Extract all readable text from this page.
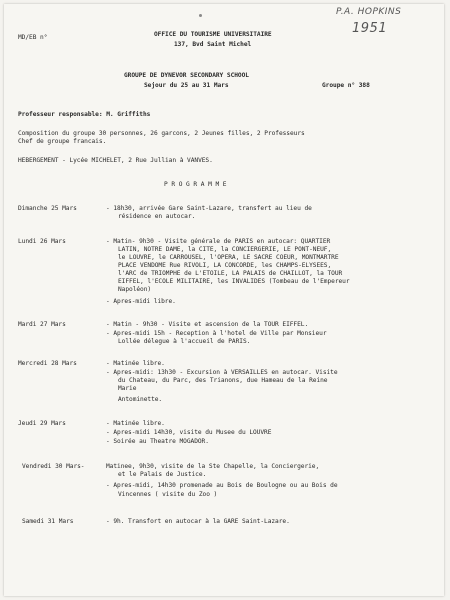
P.A. HOPKINS
1951
MD/EB n°	OFFICE DU TOURISME UNIVERSITAIRE
137, Bvd Saint Michel
GROUPE DE DYNEVOR SECONDARY SCHOOL
Sejour du 25 au 31 Mars	Groupe n° 388
Professeur responsable: M. Griffiths
Composition du groupe 30 personnes, 26 garcons, 2 Jeunes filles, 2 Professeurs
Chef de groupe francais.
HEBERGEMENT - Lycée MICHELET, 2 Rue Jullian à VANVES.
P R O G R A M M E
Dimanche 25 Mars	- 18h30, arrivée Gare Saint-Lazare, transfert au lieu de
résidence en autocar.
Lundi 26 Mars	- Matin- 9h30 - Visite générale de PARIS en autocar: QUARTIER
LATIN, NOTRE DAME, la CITE, la CONCIERGERIE, LE PONT-NEUF,
le LOUVRE, le CARROUSEL, l'OPERA, LE SACRE COEUR, MONTMARTRE
PLACE VENDOME Rue RIVOLI, LA CONCORDE, les CHAMPS-ELYSEES,
l'ARC de TRIOMPHE de L'ETOILE, LA PALAIS de CHAILLOT, la TOUR
EIFFEL, l'ECOLE MILITAIRE, les INVALIDES (Tombeau de l'Empereur
Napoléon)
- Apres-midi libre.
Mardi 27 Mars	- Matin - 9h30 - Visite et ascension de la TOUR EIFFEL.
- Apres-midi 15h - Reception à l'hotel de Ville par Monsieur
Lollée délegue à l'accueil de PARIS.
Mercredi 28 Mars	- Matinée libre.
- Apres-midi: 13h30 - Excursion à VERSAILLES en autocar. Visite
du Chateau, du Parc, des Trianons, due Hameau de la Reine
Marie
Antominette.
Jeudi 29 Mars	- Matinée libre.
- Apres-midi 14h30, visite du Musee du LOUVRE
- Soirée au Theatre MOGADOR.
Vendredi 30 Mars-	Matinee, 9h30, visite de la Ste Chapelle, la Conciergerie,
et le Palais de Justice.
- Apres-midi, 14h30 promenade au Bois de Boulogne ou au Bois de
Vincennes ( visite du Zoo )
Samedi 31 Mars	- 9h. Transfort en autocar à la GARE Saint-Lazare.
